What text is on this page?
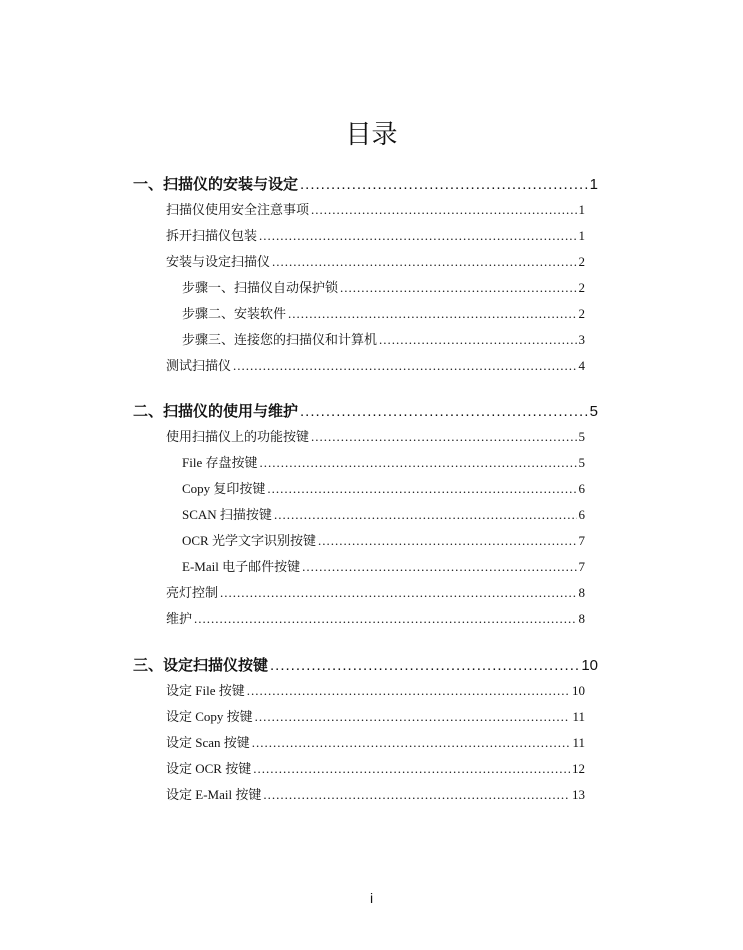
目录
一、扫描仪的安装与设定 .....	1
扫描仪使用安全注意事项 .....	1
拆开扫描仪包装 .....	1
安装与设定扫描仪 .....	2
步骤一、扫描仪自动保护锁 .....	2
步骤二、安装软件 .....	2
步骤三、连接您的扫描仪和计算机 .....	3
测试扫描仪 .....	4
二、扫描仪的使用与维护 .....	5
使用扫描仪上的功能按键 .....	5
File 存盘按键 .....	5
Copy 复印按键 .....	6
SCAN 扫描按键 .....	6
OCR 光学文字识别按键 .....	7
E-Mail 电子邮件按键 .....	7
亮灯控制 .....	8
维护 .....	8
三、设定扫描仪按键 .....	10
设定 File 按键 .....	10
设定 Copy 按键 .....	11
设定 Scan 按键 .....	11
设定 OCR 按键 .....	12
设定 E-Mail 按键 .....	13
i
